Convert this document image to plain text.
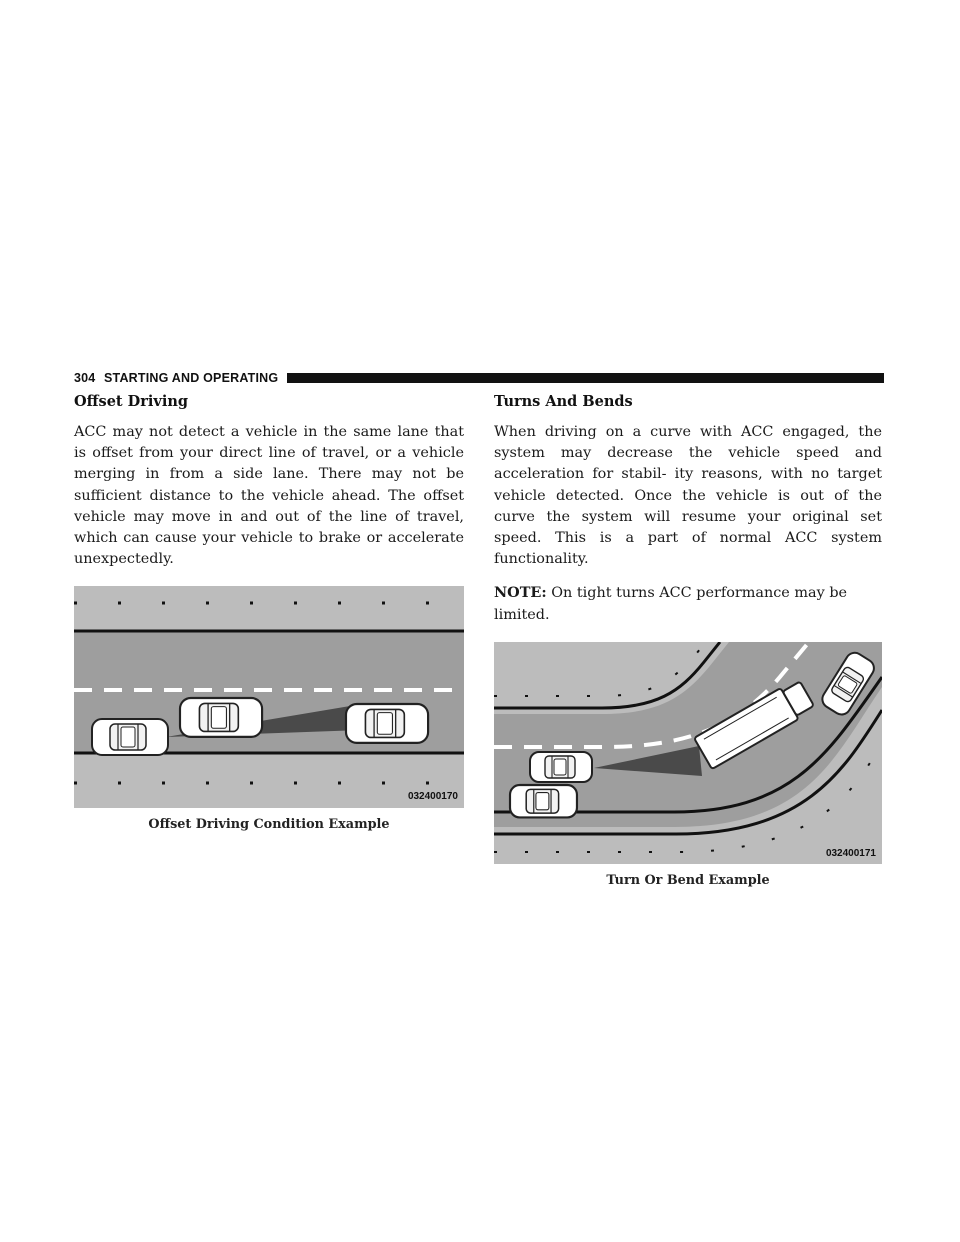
304 STARTING AND OPERATING
Offset Driving

ACC may not detect a vehicle in the same lane that is offset from your direct line of travel, or a vehicle merging in from a side lane. There may not be sufficient distance to the vehicle ahead. The offset vehicle may move in and out of the line of travel, which can cause your vehicle to brake or accelerate unexpectedly.

032400170
Offset Driving Condition Example
Turns And Bends

When driving on a curve with ACC engaged, the system may decrease the vehicle speed and acceleration for stabil- ity reasons, with no target vehicle detected. Once the vehicle is out of the curve the system will resume your original set speed. This is a part of normal ACC system functionality.

NOTE: On tight turns ACC performance may be limited.

032400171
Turn Or Bend Example
